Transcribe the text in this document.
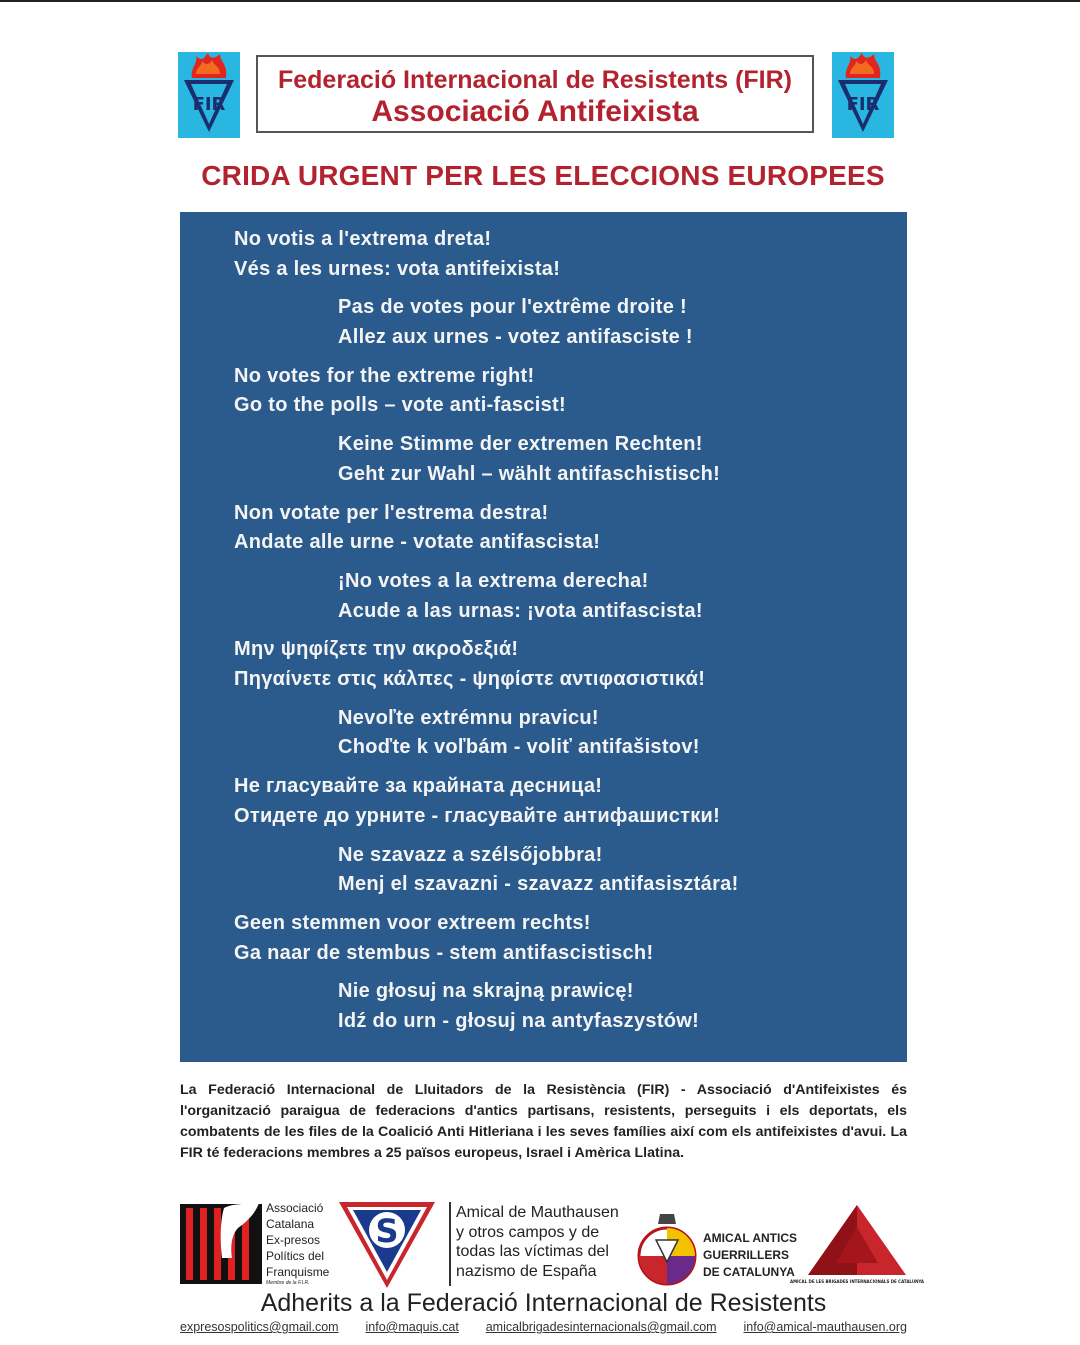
FIR	FIR
Federació Internacional de Resistents (FIR)
Associació Antifeixista
CRIDA URGENT PER LES ELECCIONS EUROPEES
No votis a l'extrema dreta!
Vés a les urnes: vota antifeixista!
Pas de votes pour l'extrême droite !
Allez aux urnes - votez antifasciste !
No votes for the extreme right!
Go to the polls – vote anti-fascist!
Keine Stimme der extremen Rechten!
Geht zur Wahl – wählt antifaschistisch!
Non votate per l'estrema destra!
Andate alle urne - votate antifascista!
¡No votes a la extrema derecha!
Acude a las urnas: ¡vota antifascista!
Μην ψηφίζετε την ακροδεξιά!
Πηγαίνετε στις κάλπες - ψηφίστε αντιφασιστικά!
Nevoľte extrémnu pravicu!
Choďte k voľbám - voliť antifašistov!
Не гласувайте за крайната десница!
Отидете до урните - гласувайте антифашистки!
Ne szavazz a szélsőjobbra!
Menj el szavazni - szavazz antifasisztára!
Geen stemmen voor extreem rechts!
Ga naar de stembus - stem antifascistisch!
Nie głosuj na skrajną prawicę!
Idź do urn - głosuj na antyfaszystów!
La Federació Internacional de Lluitadors de la Resistència (FIR) - Associació d'Antifeixistes és l'organització paraigua de federacions d'antics partisans, resistents, perseguits i els deportats, els combatents de les files de la Coalició Anti Hitleriana i les seves famílies així com els antifeixistes d'avui. La FIR té federacions membres a 25 països europeus, Israel i Amèrica Llatina.
Associació
Catalana
Ex-presos
Polítics del
Franquisme
Membre de la F.I.R.
S	Amical de Mauthausen
y otros campos y de
todas las víctimas del
nazismo de España
AMICAL ANTICS
GUERRILLERS
DE CATALUNYA
AMICAL DE LES BRIGADES INTERNACIONALS DE CATALUNYA
Adherits a la Federació Internacional de Resistents
expresospolitics@gmail.com info@maquis.cat amicalbrigadesinternacionals@gmail.com info@amical-mauthausen.org
